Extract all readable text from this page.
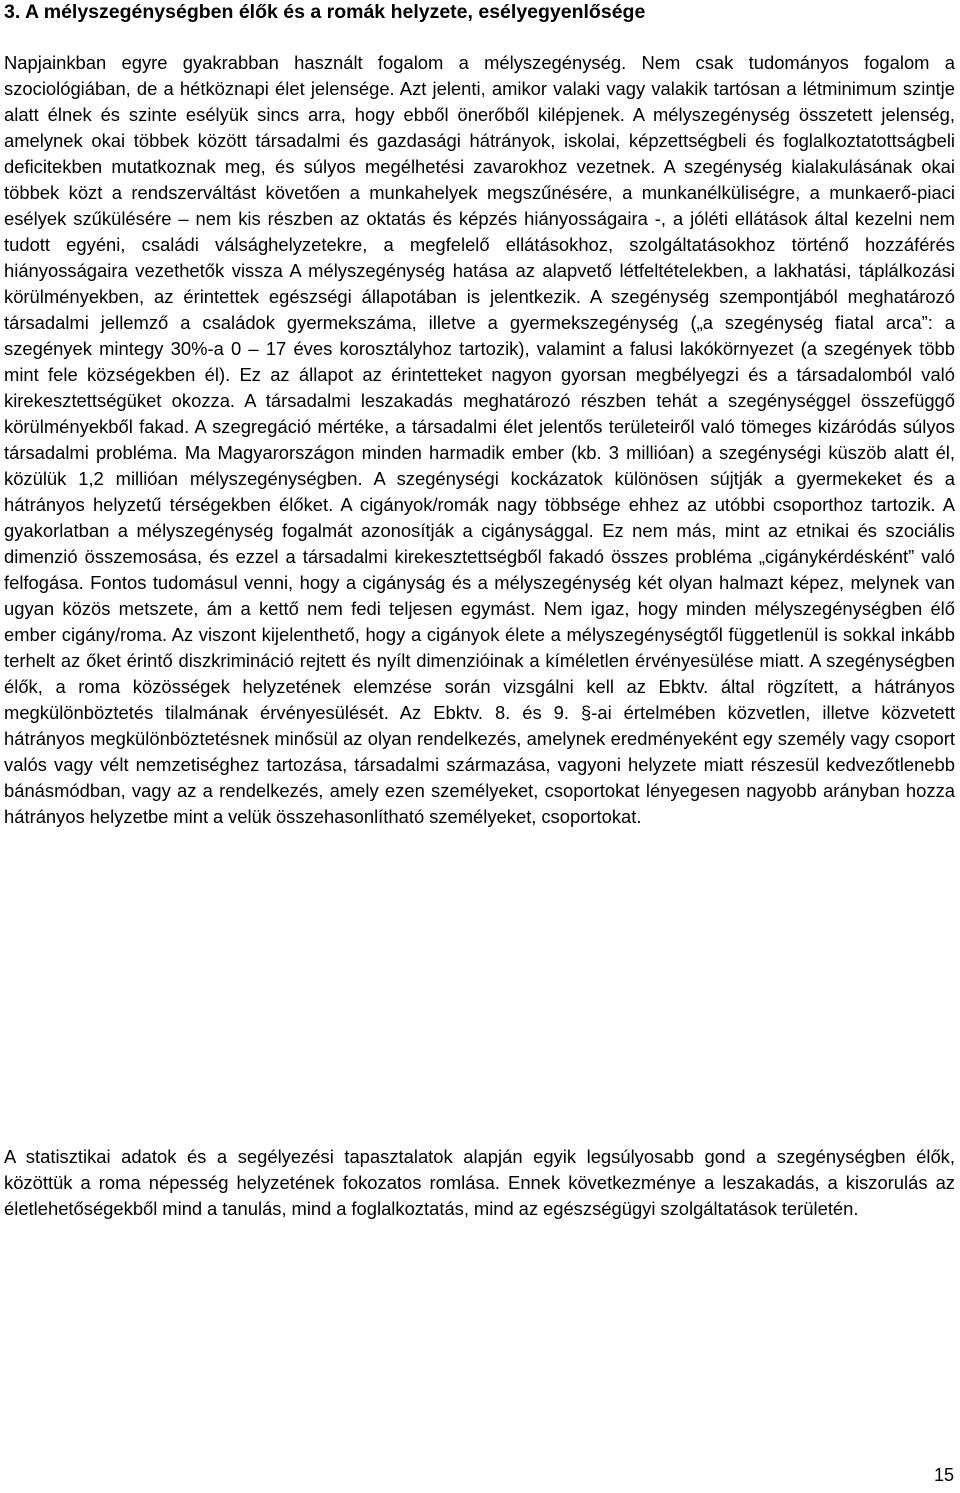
3. A mélyszegénységben élők és a romák helyzete, esélyegyenlősége
Napjainkban egyre gyakrabban használt fogalom a mélyszegénység. Nem csak tudományos fogalom a szociológiában, de a hétköznapi élet jelensége. Azt jelenti, amikor valaki vagy valakik tartósan a létminimum szintje alatt élnek és szinte esélyük sincs arra, hogy ebből önerőből kilépjenek. A mélyszegénység összetett jelenség, amelynek okai többek között társadalmi és gazdasági hátrányok, iskolai, képzettségbeli és foglalkoztatottságbeli deficitekben mutatkoznak meg, és súlyos megélhetési zavarokhoz vezetnek. A szegénység kialakulásának okai többek közt a rendszerváltást követően a munkahelyek megszűnésére, a munkanélküliségre, a munkaerő-piaci esélyek szűkülésére – nem kis részben az oktatás és képzés hiányosságaira -, a jóléti ellátások által kezelni nem tudott egyéni, családi válsághelyzetekre, a megfelelő ellátásokhoz, szolgáltatásokhoz történő hozzáférés hiányosságaira vezethetők vissza A mélyszegénység hatása az alapvető létfeltételekben, a lakhatási, táplálkozási körülményekben, az érintettek egészségi állapotában is jelentkezik. A szegénység szempontjából meghatározó társadalmi jellemző a családok gyermekszáma, illetve a gyermekszegénység („a szegénység fiatal arca”: a szegények mintegy 30%-a 0 – 17 éves korosztályhoz tartozik), valamint a falusi lakókörnyezet (a szegények több mint fele községekben él). Ez az állapot az érintetteket nagyon gyorsan megbélyegzi és a társadalomból való kirekesztettségüket okozza. A társadalmi leszakadás meghatározó részben tehát a szegénységgel összefüggő körülményekből fakad. A szegregáció mértéke, a társadalmi élet jelentős területeiről való tömeges kizáródás súlyos társadalmi probléma. Ma Magyarországon minden harmadik ember (kb. 3 millióan) a szegénységi küszöb alatt él, közülük 1,2 millióan mélyszegénységben. A szegénységi kockázatok különösen sújtják a gyermekeket és a hátrányos helyzetű térségekben élőket. A cigányok/romák nagy többsége ehhez az utóbbi csoporthoz tartozik. A gyakorlatban a mélyszegénység fogalmát azonosítják a cigánysággal. Ez nem más, mint az etnikai és szociális dimenzió összemosása, és ezzel a társadalmi kirekesztettségből fakadó összes probléma „cigánykérdésként” való felfogása. Fontos tudomásul venni, hogy a cigányság és a mélyszegénység két olyan halmazt képez, melynek van ugyan közös metszete, ám a kettő nem fedi teljesen egymást. Nem igaz, hogy minden mélyszegénységben élő ember cigány/roma. Az viszont kijelenthető, hogy a cigányok élete a mélyszegénységtől függetlenül is sokkal inkább terhelt az őket érintő diszkrimináció rejtett és nyílt dimenzióinak a kíméletlen érvényesülése miatt. A szegénységben élők, a roma közösségek helyzetének elemzése során vizsgálni kell az Ebktv. által rögzített, a hátrányos megkülönböztetés tilalmának érvényesülését. Az Ebktv. 8. és 9. §-ai értelmében közvetlen, illetve közvetett hátrányos megkülönböztetésnek minősül az olyan rendelkezés, amelynek eredményeként egy személy vagy csoport valós vagy vélt nemzetiséghez tartozása, társadalmi származása, vagyoni helyzete miatt részesül kedvezőtlenebb bánásmódban, vagy az a rendelkezés, amely ezen személyeket, csoportokat lényegesen nagyobb arányban hozza hátrányos helyzetbe mint a velük összehasonlítható személyeket, csoportokat.
A statisztikai adatok és a segélyezési tapasztalatok alapján egyik legsúlyosabb gond a szegénységben élők, közöttük a roma népesség helyzetének fokozatos romlása. Ennek következménye a leszakadás, a kiszorulás az életlehetőségekből mind a tanulás, mind a foglalkoztatás, mind az egészségügyi szolgáltatások területén.
15
